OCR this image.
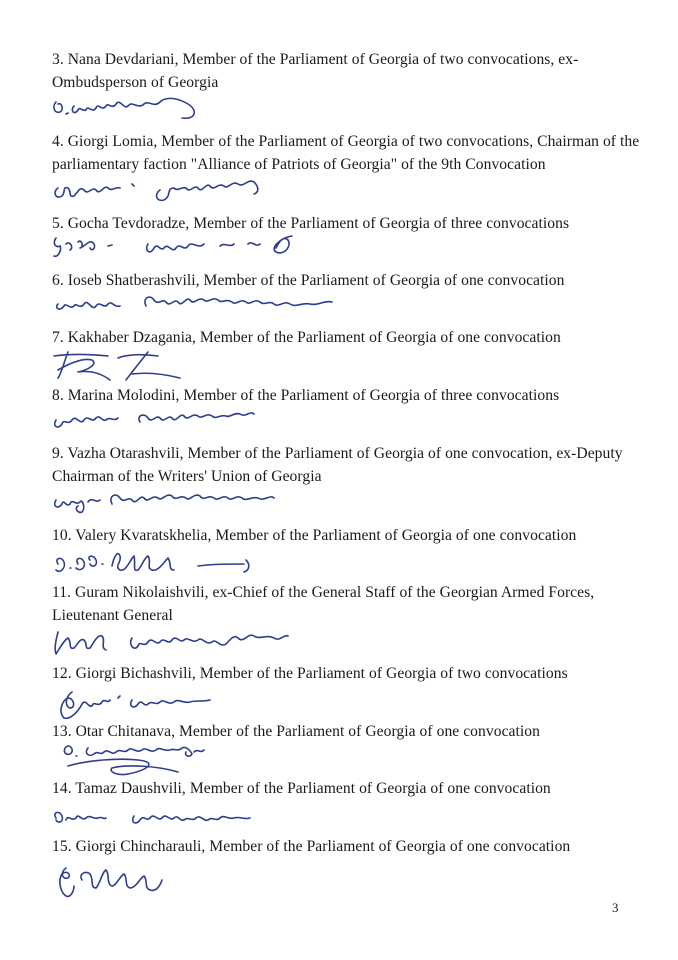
3. Nana Devdariani, Member of the Parliament of Georgia of two convocations, ex-Ombudsperson of Georgia
4. Giorgi Lomia, Member of the Parliament of Georgia of two convocations, Chairman of the parliamentary faction "Alliance of Patriots of Georgia" of the 9th Convocation
5. Gocha Tevdoradze, Member of the Parliament of Georgia of three convocations
6. Ioseb Shatberashvili, Member of the Parliament of Georgia of one convocation
7. Kakhaber Dzagania, Member of the Parliament of Georgia of one convocation
8. Marina Molodini, Member of the Parliament of Georgia of three convocations
9. Vazha Otarashvili, Member of the Parliament of Georgia of one convocation, ex-Deputy Chairman of the Writers' Union of Georgia
10. Valery Kvaratskhelia, Member of the Parliament of Georgia of one convocation
11. Guram Nikolaishvili, ex-Chief of the General Staff of the Georgian Armed Forces, Lieutenant General
12. Giorgi Bichashvili, Member of the Parliament of Georgia of two convocations
13. Otar Chitanava, Member of the Parliament of Georgia of one convocation
14. Tamaz Daushvili, Member of the Parliament of Georgia of one convocation
15. Giorgi Chincharauli, Member of the Parliament of Georgia of one convocation
3
